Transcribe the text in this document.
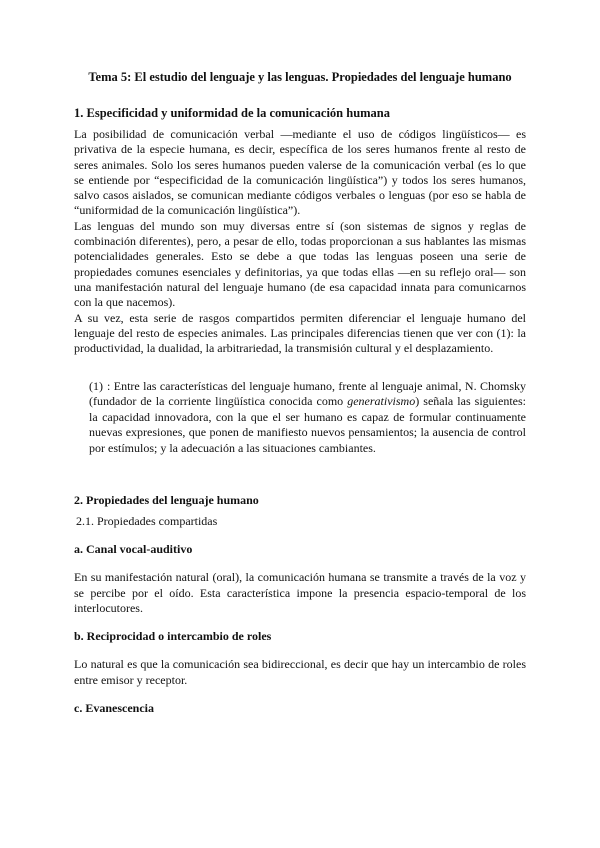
Tema 5: El estudio del lenguaje y las lenguas. Propiedades del lenguaje humano
1. Especificidad y uniformidad de la comunicación humana

La posibilidad de comunicación verbal —mediante el uso de códigos lingüísticos— es privativa de la especie humana, es decir, específica de los seres humanos frente al resto de seres animales. Solo los seres humanos pueden valerse de la comunicación verbal (es lo que se entiende por “especificidad de la comunicación lingüística”) y todos los seres humanos, salvo casos aislados, se comunican mediante códigos verbales o lenguas (por eso se habla de “uniformidad de la comunicación lingüística”).

Las lenguas del mundo son muy diversas entre sí (son sistemas de signos y reglas de combinación diferentes), pero, a pesar de ello, todas proporcionan a sus hablantes las mismas potencialidades generales. Esto se debe a que todas las lenguas poseen una serie de propiedades comunes esenciales y definitorias, ya que todas ellas —en su reflejo oral— son una manifestación natural del lenguaje humano (de esa capacidad innata para comunicarnos con la que nacemos).

A su vez, esta serie de rasgos compartidos permiten diferenciar el lenguaje humano del lenguaje del resto de especies animales. Las principales diferencias tienen que ver con (1): la productividad, la dualidad, la arbitrariedad, la transmisión cultural y el desplazamiento.

(1) : Entre las características del lenguaje humano, frente al lenguaje animal, N. Chomsky (fundador de la corriente lingüística conocida como generativismo) señala las siguientes: la capacidad innovadora, con la que el ser humano es capaz de formular continuamente nuevas expresiones, que ponen de manifiesto nuevos pensamientos; la ausencia de control por estímulos; y la adecuación a las situaciones cambiantes.

2. Propiedades del lenguaje humano
2.1. Propiedades compartidas
a. Canal vocal-auditivo

En su manifestación natural (oral), la comunicación humana se transmite a través de la voz y se percibe por el oído. Esta característica impone la presencia espacio-temporal de los interlocutores.

b. Reciprocidad o intercambio de roles

Lo natural es que la comunicación sea bidireccional, es decir que hay un intercambio de roles entre emisor y receptor.

c. Evanescencia
